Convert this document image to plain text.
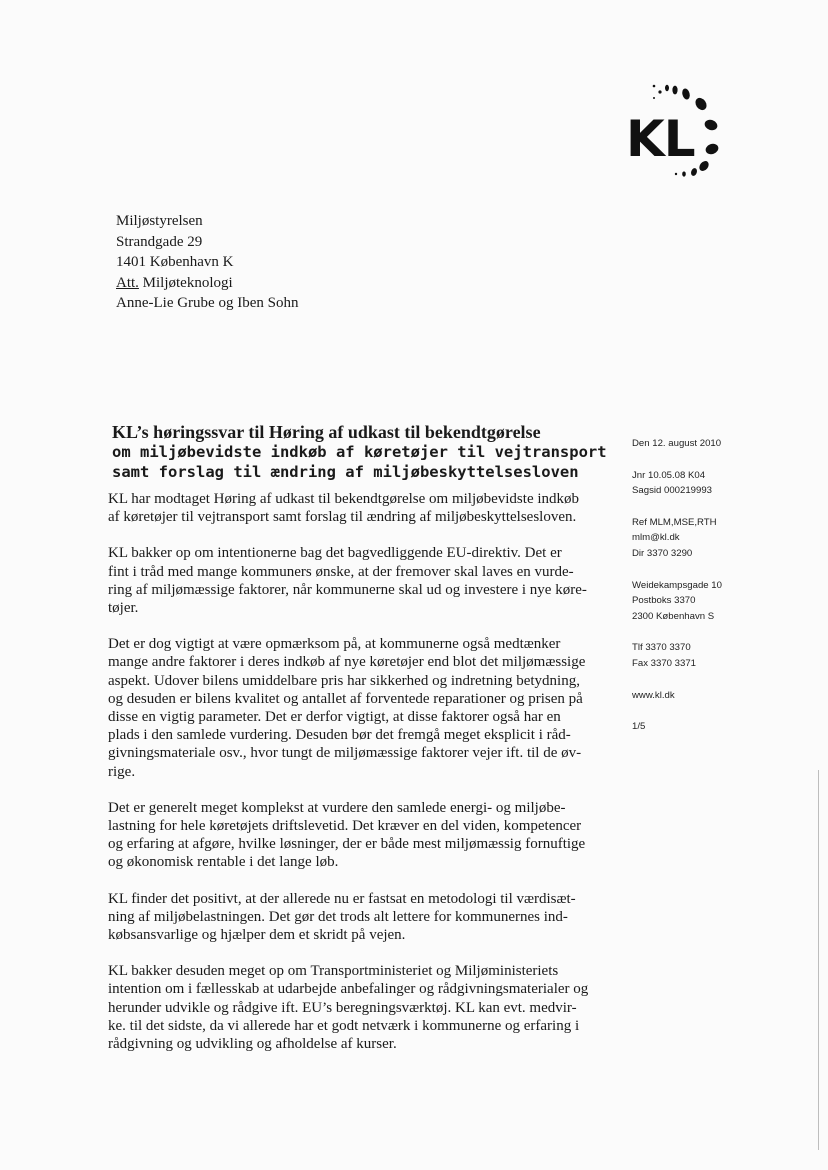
KL
Miljøstyrelsen
Strandgade 29
1401 København K
Att. Miljøteknologi
Anne-Lie Grube og Iben Sohn
KL’s høringssvar til Høring af udkast til bekendtgørelse
om miljøbevidste indkøb af køretøjer til vejtransport
samt forslag til ændring af miljøbeskyttelsesloven
KL har modtaget Høring af udkast til bekendtgørelse om miljøbevidste indkøb
af køretøjer til vejtransport samt forslag til ændring af miljøbeskyttelsesloven.
KL bakker op om intentionerne bag det bagvedliggende EU-direktiv. Det er
fint i tråd med mange kommuners ønske, at der fremover skal laves en vurde-
ring af miljømæssige faktorer, når kommunerne skal ud og investere i nye køre-
tøjer.
Det er dog vigtigt at være opmærksom på, at kommunerne også medtænker
mange andre faktorer i deres indkøb af nye køretøjer end blot det miljømæssige
aspekt. Udover bilens umiddelbare pris har sikkerhed og indretning betydning,
og desuden er bilens kvalitet og antallet af forventede reparationer og prisen på
disse en vigtig parameter. Det er derfor vigtigt, at disse faktorer også har en
plads i den samlede vurdering. Desuden bør det fremgå meget eksplicit i råd-
givningsmateriale osv., hvor tungt de miljømæssige faktorer vejer ift. til de øv-
rige.
Det er generelt meget komplekst at vurdere den samlede energi- og miljøbe-
lastning for hele køretøjets driftslevetid. Det kræver en del viden, kompetencer
og erfaring at afgøre, hvilke løsninger, der er både mest miljømæssig fornuftige
og økonomisk rentable i det lange løb.
KL finder det positivt, at der allerede nu er fastsat en metodologi til værdisæt-
ning af miljøbelastningen. Det gør det trods alt lettere for kommunernes ind-
købsansvarlige og hjælper dem et skridt på vejen.
KL bakker desuden meget op om Transportministeriet og Miljøministeriets
intention om i fællesskab at udarbejde anbefalinger og rådgivningsmaterialer og
herunder udvikle og rådgive ift. EU’s beregningsværktøj. KL kan evt. medvir-
ke. til det sidste, da vi allerede har et godt netværk i kommunerne og erfaring i
rådgivning og udvikling og afholdelse af kurser.
Den 12. august 2010
Jnr 10.05.08 K04
Sagsid 000219993
Ref MLM,MSE,RTH
mlm@kl.dk
Dir 3370 3290
Weidekampsgade 10
Postboks 3370
2300 København S
Tlf 3370 3370
Fax 3370 3371
www.kl.dk
1/5
